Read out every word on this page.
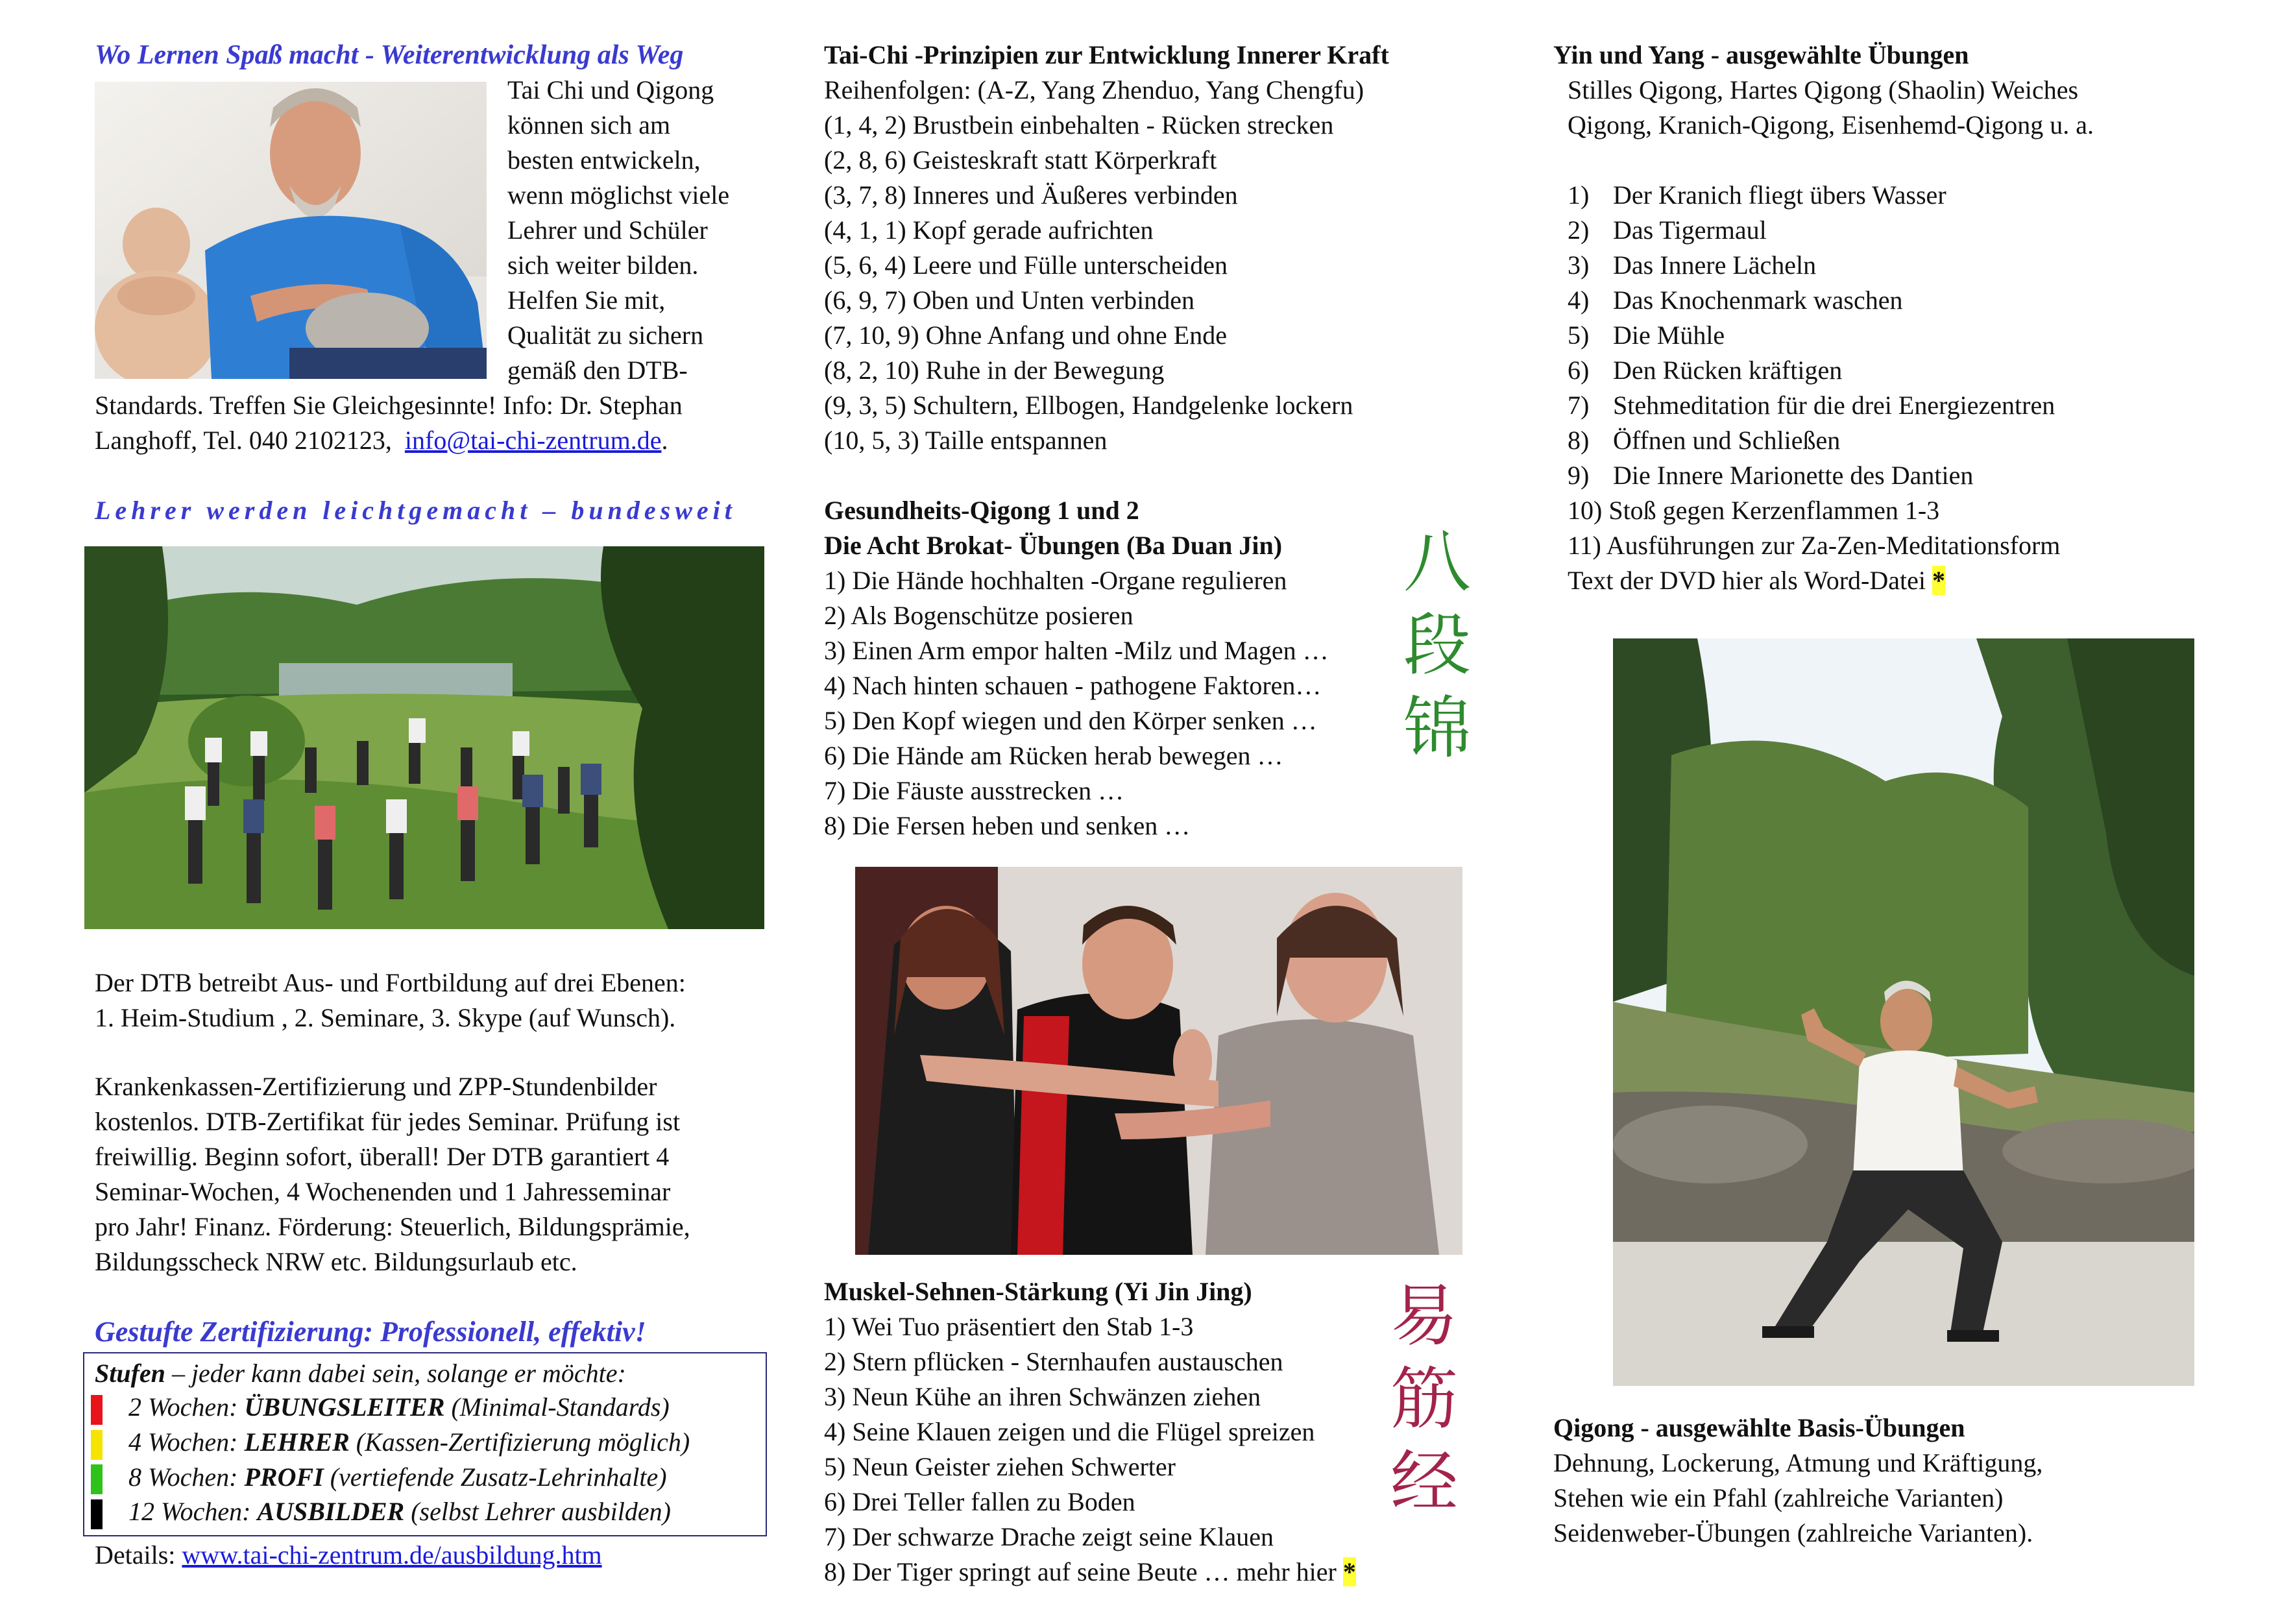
Wo Lernen Spaß macht - Weiterentwicklung als Weg
Tai Chi und Qigong
können sich am
besten entwickeln,
wenn möglichst viele
Lehrer und Schüler
sich weiter bilden.
Helfen Sie mit,
Qualität zu sichern
gemäß den DTB-
Standards. Treffen Sie Gleichgesinnte! Info: Dr. Stephan
Langhoff, Tel. 040 2102123, info@tai-chi-zentrum.de.
Lehrer werden leichtgemacht – bundesweit
Der DTB betreibt Aus- und Fortbildung auf drei Ebenen:
1. Heim-Studium , 2. Seminare, 3. Skype (auf Wunsch).
Krankenkassen-Zertifizierung und ZPP-Stundenbilder
kostenlos. DTB-Zertifikat für jedes Seminar. Prüfung ist
freiwillig. Beginn sofort, überall! Der DTB garantiert 4
Seminar-Wochen, 4 Wochenenden und 1 Jahresseminar
pro Jahr! Finanz. Förderung: Steuerlich, Bildungsprämie,
Bildungsscheck NRW etc. Bildungsurlaub etc.
Gestufte Zertifizierung: Professionell, effektiv!
Stufen – jeder kann dabei sein, solange er möchte:
2 Wochen: ÜBUNGSLEITER (Minimal-Standards)
4 Wochen: LEHRER (Kassen-Zertifizierung möglich)
8 Wochen: PROFI (vertiefende Zusatz-Lehrinhalte)
12 Wochen: AUSBILDER (selbst Lehrer ausbilden)
Details: www.tai-chi-zentrum.de/ausbildung.htm
Tai-Chi -Prinzipien zur Entwicklung Innerer Kraft
Reihenfolgen: (A-Z, Yang Zhenduo, Yang Chengfu)
(1, 4, 2) Brustbein einbehalten - Rücken strecken
(2, 8, 6) Geisteskraft statt Körperkraft
(3, 7, 8) Inneres und Äußeres verbinden
(4, 1, 1) Kopf gerade aufrichten
(5, 6, 4) Leere und Fülle unterscheiden
(6, 9, 7) Oben und Unten verbinden
(7, 10, 9) Ohne Anfang und ohne Ende
(8, 2, 10) Ruhe in der Bewegung
(9, 3, 5) Schultern, Ellbogen, Handgelenke lockern
(10, 5, 3) Taille entspannen
Gesundheits-Qigong 1 und 2
Die Acht Brokat- Übungen (Ba Duan Jin)
1) Die Hände hochhalten -Organe regulieren
2) Als Bogenschütze posieren
3) Einen Arm empor halten -Milz und Magen …
4) Nach hinten schauen - pathogene Faktoren…
5) Den Kopf wiegen und den Körper senken …
6) Die Hände am Rücken herab bewegen …
7) Die Fäuste ausstrecken …
8) Die Fersen heben und senken …
八
段
锦
Muskel-Sehnen-Stärkung (Yi Jin Jing)
1) Wei Tuo präsentiert den Stab 1-3
2) Stern pflücken - Sternhaufen austauschen
3) Neun Kühe an ihren Schwänzen ziehen
4) Seine Klauen zeigen und die Flügel spreizen
5) Neun Geister ziehen Schwerter
6) Drei Teller fallen zu Boden
7) Der schwarze Drache zeigt seine Klauen
8) Der Tiger springt auf seine Beute … mehr hier *
易
筋
经
Yin und Yang - ausgewählte Übungen
Stilles Qigong, Hartes Qigong (Shaolin) Weiches
Qigong, Kranich-Qigong, Eisenhemd-Qigong u. a.
1) Der Kranich fliegt übers Wasser
2) Das Tigermaul
3) Das Innere Lächeln
4) Das Knochenmark waschen
5) Die Mühle
6) Den Rücken kräftigen
7) Stehmeditation für die drei Energiezentren
8) Öffnen und Schließen
9) Die Innere Marionette des Dantien
10) Stoß gegen Kerzenflammen 1-3
11) Ausführungen zur Za-Zen-Meditationsform
Text der DVD hier als Word-Datei *
Qigong - ausgewählte Basis-Übungen
Dehnung, Lockerung, Atmung und Kräftigung,
Stehen wie ein Pfahl (zahlreiche Varianten)
Seidenweber-Übungen (zahlreiche Varianten).
